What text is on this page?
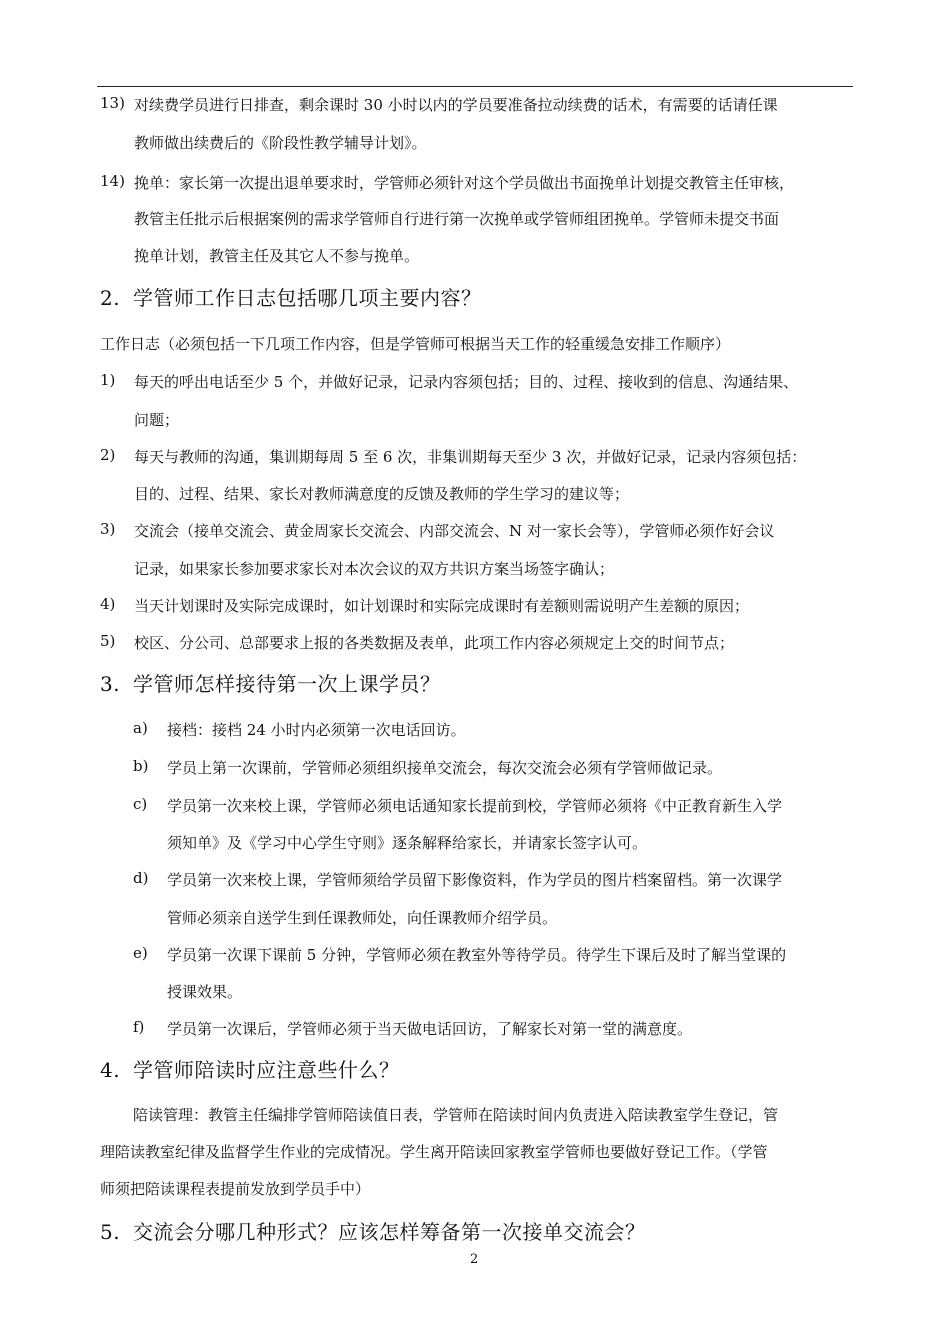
13) 对续费学员进行日排查，剩余课时 30 小时以内的学员要准备拉动续费的话术，有需要的话请任课
教师做出续费后的《阶段性教学辅导计划》。
14) 挽单：家长第一次提出退单要求时，学管师必须针对这个学员做出书面挽单计划提交教管主任审核，
教管主任批示后根据案例的需求学管师自行进行第一次挽单或学管师组团挽单。学管师未提交书面
挽单计划，教管主任及其它人不参与挽单。
2. 学管师工作日志包括哪几项主要内容？
工作日志（必须包括一下几项工作内容，但是学管师可根据当天工作的轻重缓急安排工作顺序）
1) 每天的呼出电话至少 5 个，并做好记录，记录内容须包括；目的、过程、接收到的信息、沟通结果、
问题；
2) 每天与教师的沟通，集训期每周 5 至 6 次，非集训期每天至少 3 次，并做好记录，记录内容须包括：
目的、过程、结果、家长对教师满意度的反馈及教师的学生学习的建议等；
3) 交流会（接单交流会、黄金周家长交流会、内部交流会、N 对一家长会等），学管师必须作好会议
记录，如果家长参加要求家长对本次会议的双方共识方案当场签字确认；
4) 当天计划课时及实际完成课时，如计划课时和实际完成课时有差额则需说明产生差额的原因；
5) 校区、分公司、总部要求上报的各类数据及表单，此项工作内容必须规定上交的时间节点；
3. 学管师怎样接待第一次上课学员？
a) 接档：接档 24 小时内必须第一次电话回访。
b) 学员上第一次课前，学管师必须组织接单交流会，每次交流会必须有学管师做记录。
c) 学员第一次来校上课，学管师必须电话通知家长提前到校，学管师必须将《中正教育新生入学
须知单》及《学习中心学生守则》逐条解释给家长，并请家长签字认可。
d) 学员第一次来校上课，学管师须给学员留下影像资料，作为学员的图片档案留档。第一次课学
管师必须亲自送学生到任课教师处，向任课教师介绍学员。
e) 学员第一次课下课前 5 分钟，学管师必须在教室外等待学员。待学生下课后及时了解当堂课的
授课效果。
f) 学员第一次课后，学管师必须于当天做电话回访，了解家长对第一堂的满意度。
4. 学管师陪读时应注意些什么？
陪读管理：教管主任编排学管师陪读值日表，学管师在陪读时间内负责进入陪读教室学生登记，管
理陪读教室纪律及监督学生作业的完成情况。学生离开陪读回家教室学管师也要做好登记工作。（学管
师须把陪读课程表提前发放到学员手中）
5. 交流会分哪几种形式？应该怎样筹备第一次接单交流会？
2
